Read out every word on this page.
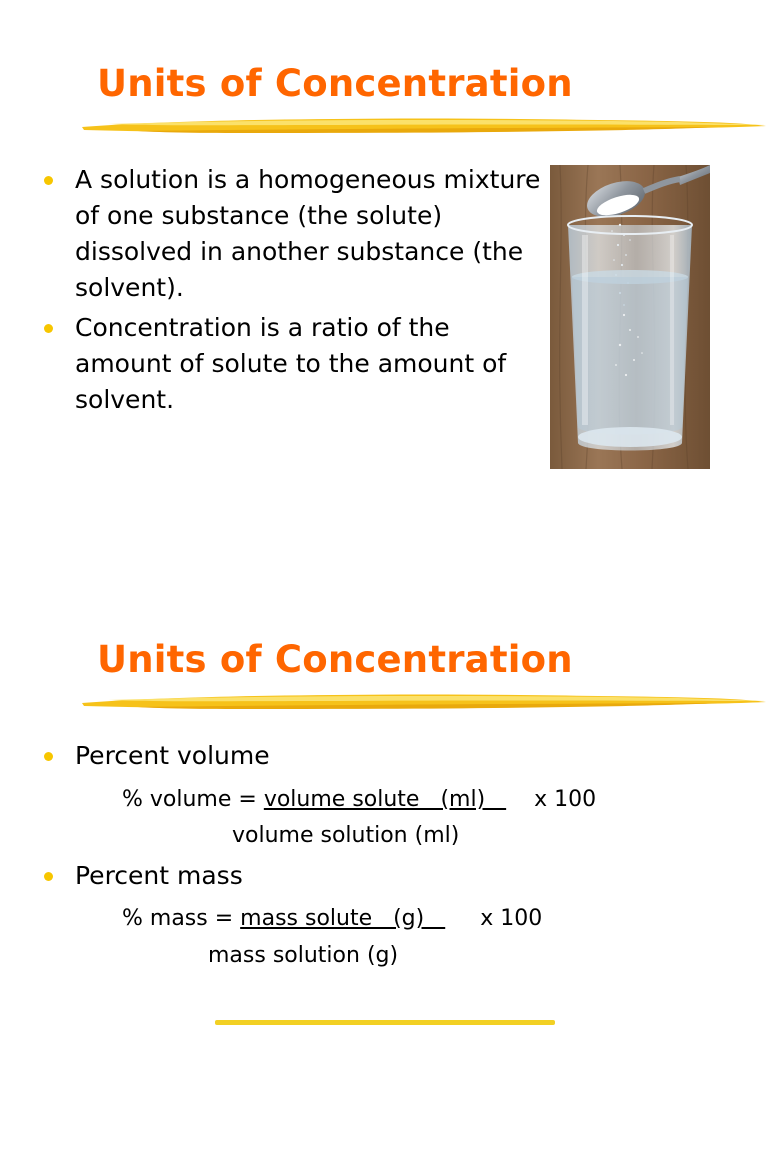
Units of Concentration
A solution is a homogeneous mixture of one substance (the solute) dissolved in another substance (the solvent).
Concentration is a ratio of the amount of solute to the amount of solvent.
Units of Concentration
Percent volume
% volume = volume solute   (ml)       x 100
volume solution (ml)
Percent mass
% mass = mass solute   (g)        x 100
mass solution (g)
